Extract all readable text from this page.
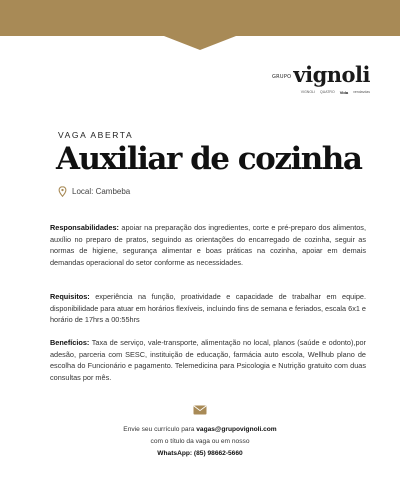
GRUPO vignoli
VIGNOLI QUATRO Vida vendavdas
VAGA ABERTA
Auxiliar de cozinha
Local: Cambeba
Responsabilidades: apoiar na preparação dos ingredientes, corte e pré-preparo dos alimentos, auxílio no preparo de pratos, seguindo as orientações do encarregado de cozinha, seguir as normas de higiene, segurança alimentar e boas práticas na cozinha, apoiar em demais demandas operacional do setor conforme as necessidades.
Requisitos: experiência na função, proatividade e capacidade de trabalhar em equipe. disponibilidade para atuar em horários flexíveis, incluindo fins de semana e feriados, escala 6x1 e horário de 17hrs a 00:55hrs
Benefícios: Taxa de serviço, vale-transporte, alimentação no local, planos (saúde e odonto),por adesão, parceria com SESC, instituição de educação, farmácia auto escola, Wellhub plano de escolha do Funcionário e pagamento. Telemedicina para Psicologia e Nutrição gratuito com duas consultas por mês.
Envie seu currículo para vagas@grupovignoli.com
com o título da vaga ou em nosso
WhatsApp: (85) 98662-5660
